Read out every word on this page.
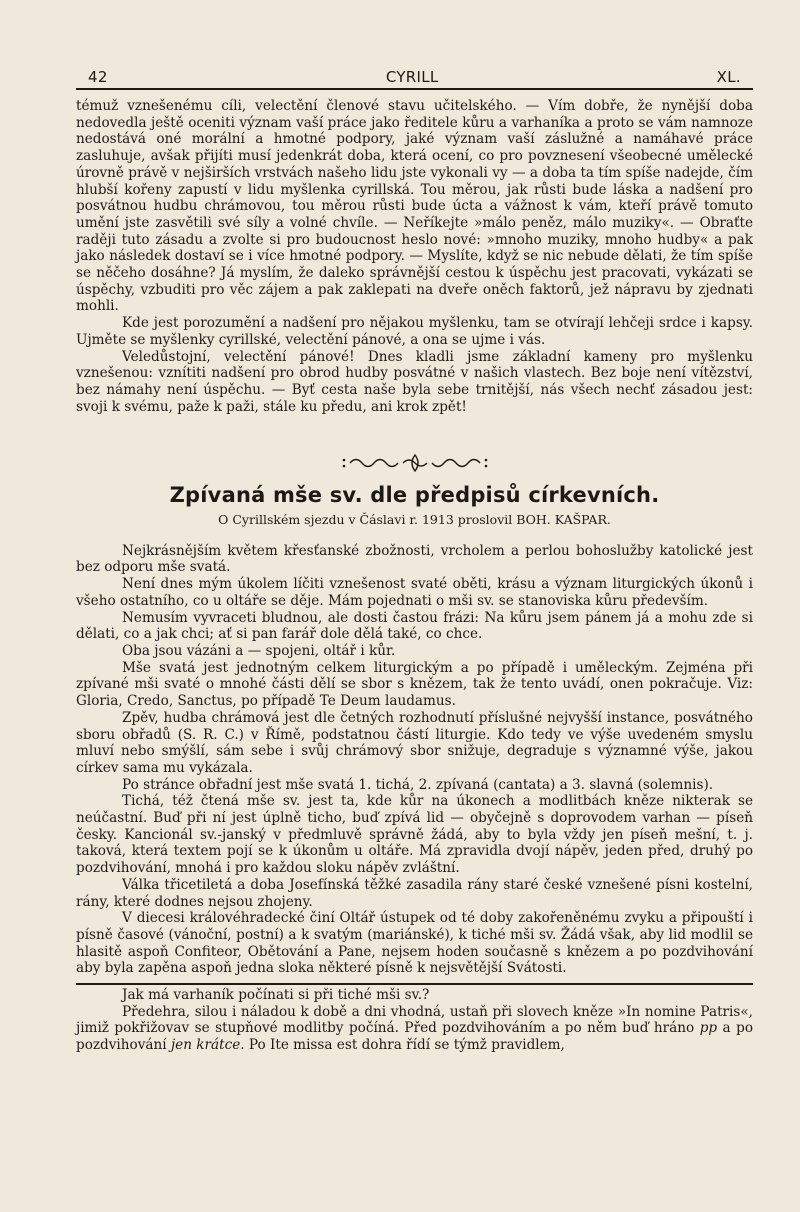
42	CYRILL	XL.

témuž vznešenému cíli, velectění členové stavu učitelského. — Vím dobře, že nynější doba nedovedla ještě oceniti význam vaší práce jako ředitele kůru a varhaníka a proto se vám namnoze nedostává oné morální a hmotné podpory, jaké význam vaší záslužné a namáhavé práce zasluhuje, avšak přijíti musí jedenkrát doba, která ocení, co pro povznesení všeobecné umělecké úrovně právě v nejširších vrstvách našeho lidu jste vykonali vy — a doba ta tím spíše nadejde, čím hlubší kořeny zapustí v lidu myšlenka cyrillská. Tou měrou, jak růsti bude láska a nadšení pro posvátnou hudbu chrámovou, tou měrou růsti bude úcta a vážnost k vám, kteří právě tomuto umění jste zasvětili své síly a volné chvíle. — Neříkejte »málo peněz, málo muziky«. — Obraťte raději tuto zásadu a zvolte si pro budoucnost heslo nové: »mnoho muziky, mnoho hudby« a pak jako následek dostaví se i více hmotné podpory. — Myslíte, když se nic nebude dělati, že tím spíše se něčeho dosáhne? Já myslím, že daleko správnější cestou k úspěchu jest pracovati, vykázati se úspěchy, vzbuditi pro věc zájem a pak zaklepati na dveře oněch faktorů, jež nápravu by zjednati mohli.

Kde jest porozumění a nadšení pro nějakou myšlenku, tam se otvírají lehčeji srdce i kapsy. Ujměte se myšlenky cyrillské, velectění pánové, a ona se ujme i vás.

Veledůstojní, velectění pánové! Dnes kladli jsme základní kameny pro myšlenku vznešenou: vznítiti nadšení pro obrod hudby posvátné v našich vlastech. Bez boje není vítězství, bez námahy není úspěchu. — Byť cesta naše byla sebe trnitější, nás všech nechť zásadou jest: svoji k svému, paže k paži, stále ku předu, ani krok zpět!

Zpívaná mše sv. dle předpisů církevních.
O Cyrillském sjezdu v Čáslavi r. 1913 proslovil BOH. KAŠPAR.

Nejkrásnějším květem křesťanské zbožnosti, vrcholem a perlou bohoslužby katolické jest bez odporu mše svatá.

Není dnes mým úkolem líčiti vznešenost svaté oběti, krásu a význam liturgických úkonů i všeho ostatního, co u oltáře se děje. Mám pojednati o mši sv. se stanoviska kůru především.

Nemusím vyvraceti bludnou, ale dosti častou frázi: Na kůru jsem pánem já a mohu zde si dělati, co a jak chci; ať si pan farář dole dělá také, co chce.

Oba jsou vázáni a — spojeni, oltář i kůr.

Mše svatá jest jednotným celkem liturgickým a po případě i uměleckým. Zejména při zpívané mši svaté o mnohé části dělí se sbor s knězem, tak že tento uvádí, onen pokračuje. Viz: Gloria, Credo, Sanctus, po případě Te Deum laudamus.

Zpěv, hudba chrámová jest dle četných rozhodnutí příslušné nejvyšší instance, posvátného sboru obřadů (S. R. C.) v Římě, podstatnou částí liturgie. Kdo tedy ve výše uvedeném smyslu mluví nebo smýšlí, sám sebe i svůj chrámový sbor snižuje, degraduje s významné výše, jakou církev sama mu vykázala.

Po stránce obřadní jest mše svatá 1. tichá, 2. zpívaná (cantata) a 3. slavná (solemnis).

Tichá, též čtená mše sv. jest ta, kde kůr na úkonech a modlitbách kněze nikterak se neúčastní. Buď při ní jest úplně ticho, buď zpívá lid — obyčejně s doprovodem varhan — píseň česky. Kancionál sv.-janský v předmluvě správně žádá, aby to byla vždy jen píseň mešní, t. j. taková, která textem pojí se k úkonům u oltáře. Má zpravidla dvojí nápěv, jeden před, druhý po pozdvihování, mnohá i pro každou sloku nápěv zvláštní.

Válka třicetiletá a doba Josefínská těžké zasadila rány staré české vznešené písni kostelní, rány, které dodnes nejsou zhojeny.

V diecesi královéhradecké činí Oltář ústupek od té doby zakořeněnému zvyku a připouští i písně časové (vánoční, postní) a k svatým (mariánské), k tiché mši sv. Žádá však, aby lid modlil se hlasitě aspoň Confiteor, Obětování a Pane, nejsem hoden současně s knězem a po pozdvihování aby byla zapěna aspoň jedna sloka některé písně k nejsvětější Svátosti.

Jak má varhaník počínati si při tiché mši sv.?

Předehra, silou i náladou k době a dni vhodná, ustaň při slovech kněze »In nomine Patris«, jimiž pokřižovav se stupňové modlitby počíná. Před pozdvihováním a po něm buď hráno pp a po pozdvihování jen krátce. Po Ite missa est dohra řídí se týmž pravidlem,
